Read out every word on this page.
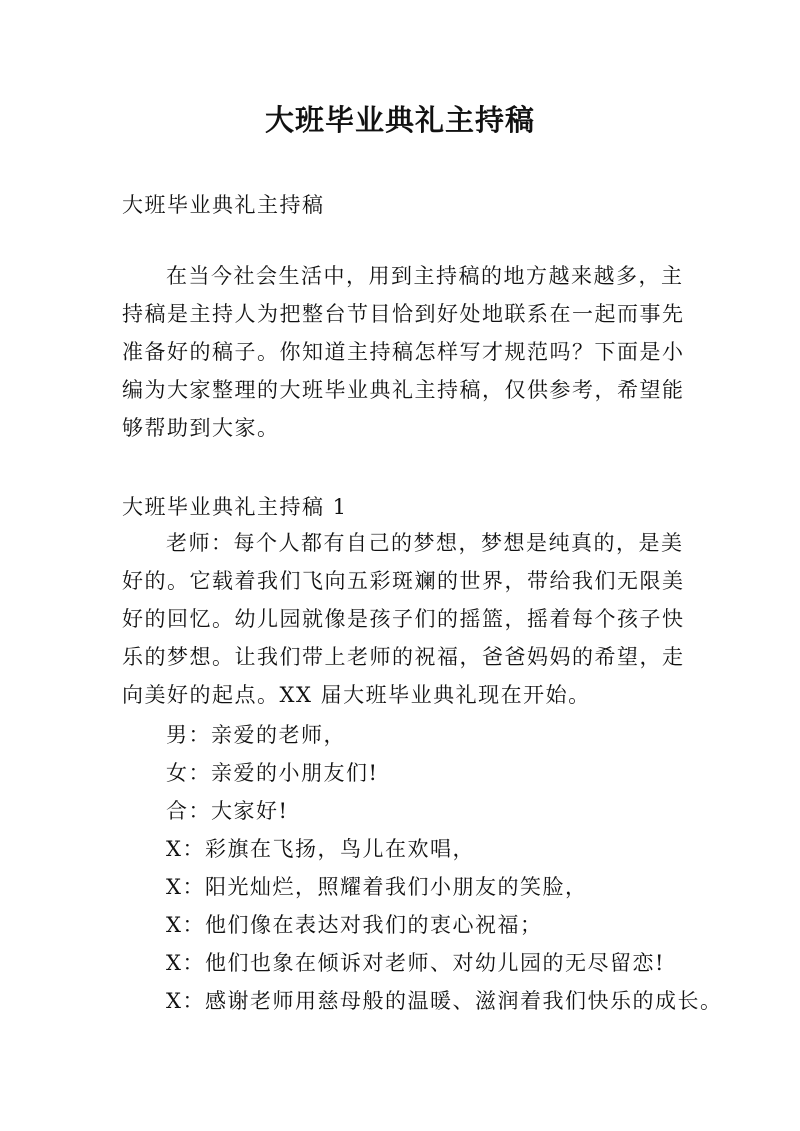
大班毕业典礼主持稿
大班毕业典礼主持稿
在当今社会生活中，用到主持稿的地方越来越多，主持稿是主持人为把整台节目恰到好处地联系在一起而事先准备好的稿子。你知道主持稿怎样写才规范吗？下面是小编为大家整理的大班毕业典礼主持稿，仅供参考，希望能够帮助到大家。
大班毕业典礼主持稿 1
老师：每个人都有自己的梦想，梦想是纯真的，是美好的。它载着我们飞向五彩斑斓的世界，带给我们无限美好的回忆。幼儿园就像是孩子们的摇篮，摇着每个孩子快乐的梦想。让我们带上老师的祝福，爸爸妈妈的希望，走向美好的起点。XX 届大班毕业典礼现在开始。
男：亲爱的老师，
女：亲爱的小朋友们!
合：大家好!
X：彩旗在飞扬，鸟儿在欢唱，
X：阳光灿烂，照耀着我们小朋友的笑脸，
X：他们像在表达对我们的衷心祝福；
X：他们也象在倾诉对老师、对幼儿园的无尽留恋!
X：感谢老师用慈母般的温暖、滋润着我们快乐的成长。
